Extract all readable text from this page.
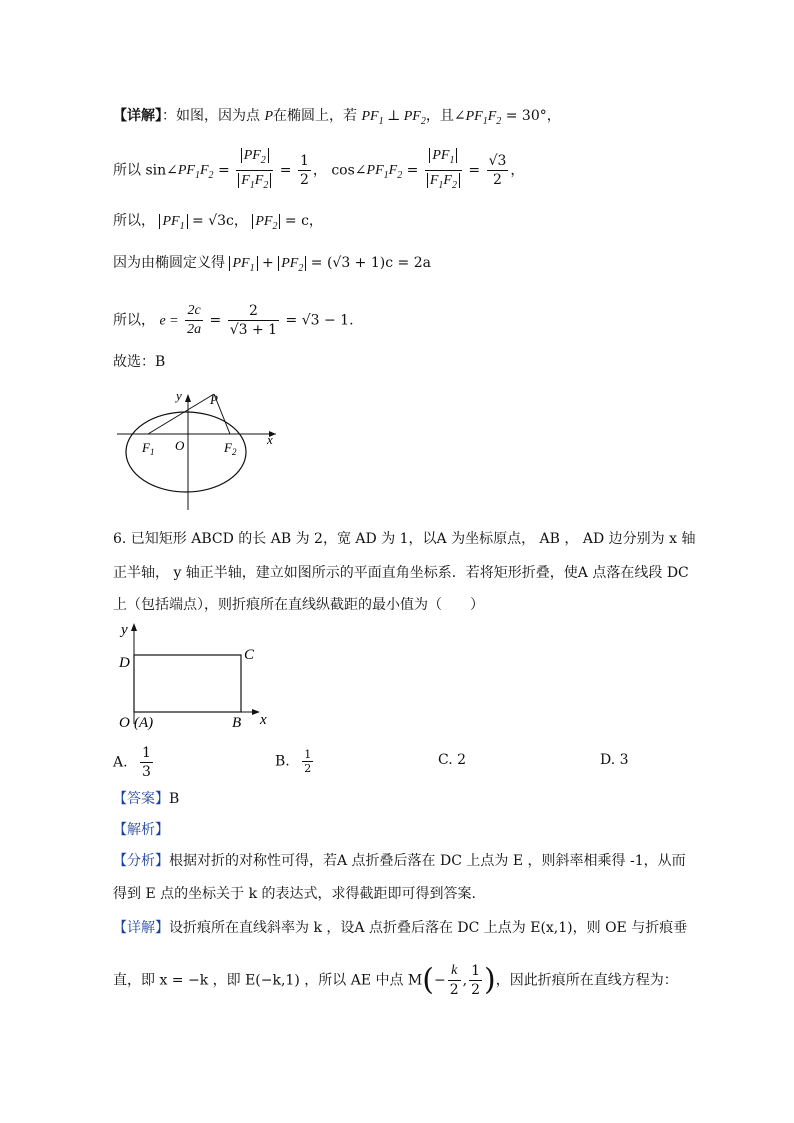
【详解】：如图，因为点 P在椭圆上，若 $PF_1$ ⊥ $PF_2$，且$\angle PF_1F_2 = 30^\circ$，
所以 $\sin\angle PF_1F_2 = \frac{PF_2}{F_1F_2} = \frac{1}{2}$ ， $\cos\angle PF_1F_2 = \frac{PF_1}{F_1F_2} = \frac{√3}{2}$ ，
所以， $PF_1 = √3c$， $PF_2 = c$，
因为由椭圆定义得 $PF_1 + PF_2 = (√3 + 1)c = 2a$
所以， $e = \frac{2c}{2a} = \frac{2}{√3 + 1} = √3 - 1$.
故选：B
y
x
P
O
$F_1$	$F_2$
6. 已知矩形 ABCD 的长 AB 为 2，宽 AD 为 1，以A 为坐标原点， AB ， AD 边分别为 x 轴
正半轴， y 轴正半轴，建立如图所示的平面直角坐标系．若将矩形折叠，使A 点落在线段 DC
上（包括端点），则折痕所在直线纵截距的最小值为（　　）
y
x
D	C
B
O (A)
A. $\frac{1}{3}$	B. $\frac{1}{2}$	C. 2	D. 3
【答案】B
【解析】
【分析】根据对折的对称性可得，若A 点折叠后落在 DC 上点为 E ，则斜率相乘得 -1，从而
得到 E 点的坐标关于 k 的表达式，求得截距即可得到答案.
【详解】设折痕所在直线斜率为 k ，设A 点折叠后落在 DC 上点为 E(x,1)，则 OE 与折痕垂
直，即 x = −k ，即 E(−k,1) ，所以 AE 中点 $M(- \frac{k}{2}$ , $\frac{1}{2}$ )，因此折痕所在直线方程为：
